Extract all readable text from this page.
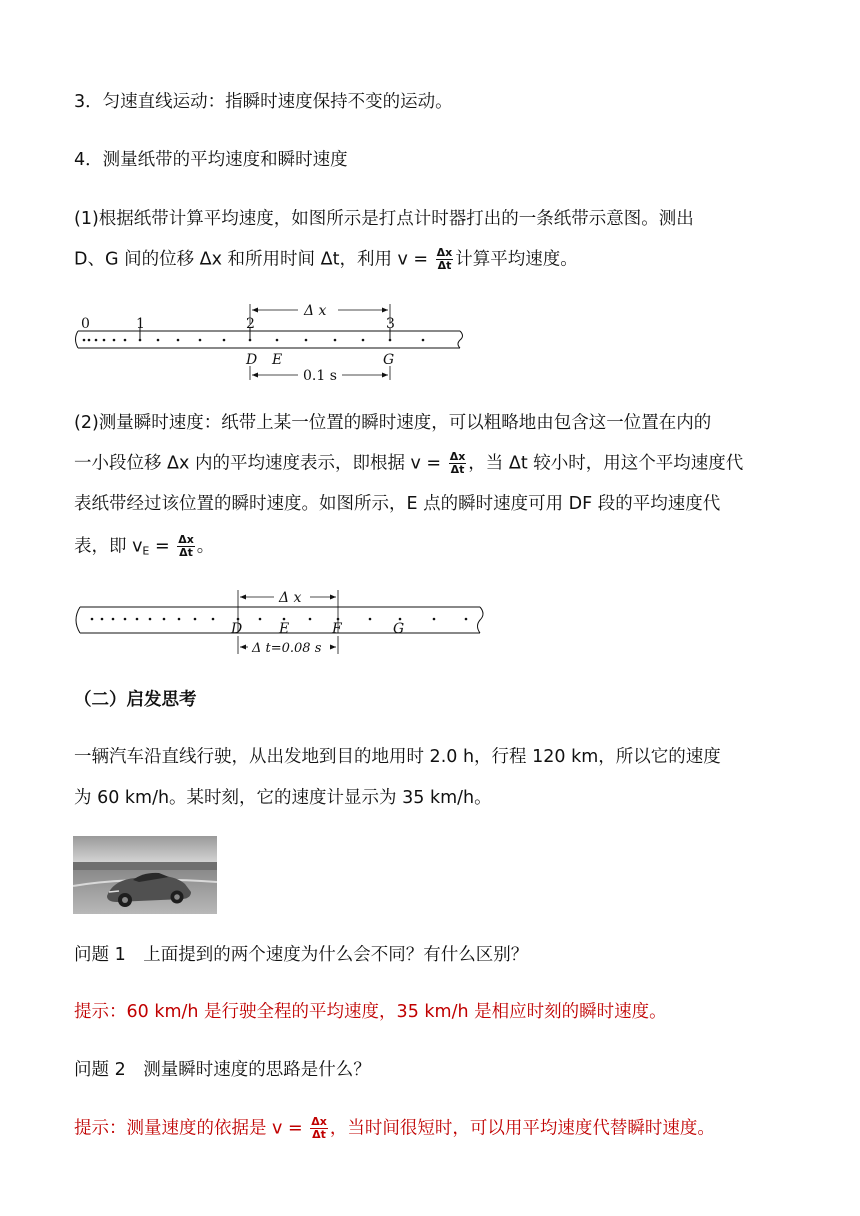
3．匀速直线运动：指瞬时速度保持不变的运动。
4．测量纸带的平均速度和瞬时速度
(1)根据纸带计算平均速度，如图所示是打点计时器打出的一条纸带示意图。测出
D、G 间的位移 Δx 和所用时间 Δt，利用 $v = \frac{\Delta x}{\Delta t}$ 计算平均速度。
0	1	2	3
Δ x
D E	G
0.1 s
(2)测量瞬时速度：纸带上某一位置的瞬时速度，可以粗略地由包含这一位置在内的
一小段位移 Δx 内的平均速度表示，即根据 $v = \frac{\Delta x}{\Delta t}$ ，当 Δt 较小时，用这个平均速度代
表纸带经过该位置的瞬时速度。如图所示，E 点的瞬时速度可用 DF 段的平均速度代
表，即 $v_E = \frac{\Delta x}{\Delta t}$ 。
Δ x
D	E	F	G
Δ t=0.08 s
（二）启发思考
一辆汽车沿直线行驶，从出发地到目的地用时 2.0 h，行程 120 km，所以它的速度
为 60 km/h。某时刻，它的速度计显示为 35 km/h。
问题 1　上面提到的两个速度为什么会不同？有什么区别？
提示：60 km/h 是行驶全程的平均速度，35 km/h 是相应时刻的瞬时速度。
问题 2　测量瞬时速度的思路是什么？
提示：测量速度的依据是 $v = \frac{\Delta x}{\Delta t}$ ，当时间很短时，可以用平均速度代替瞬时速度。
